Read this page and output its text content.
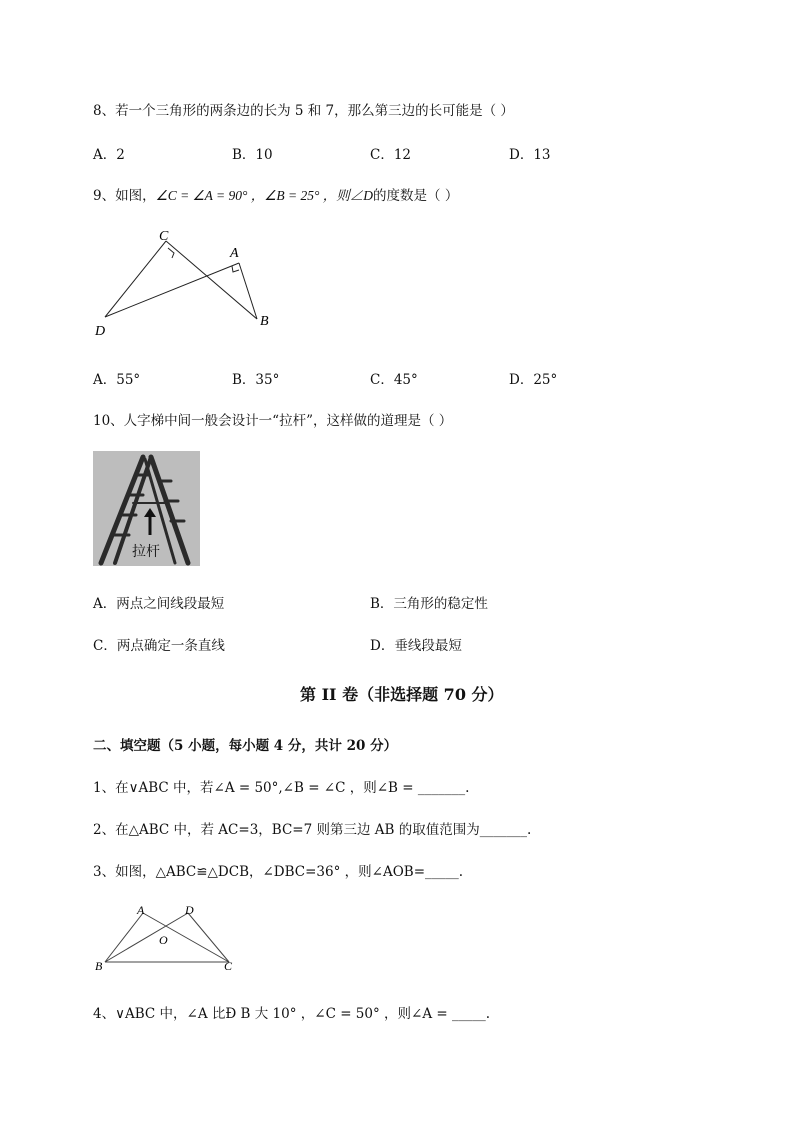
8、若一个三角形的两条边的长为 5 和 7，那么第三边的长可能是（ ）
A．2	B．10	C．12	D．13
9、如图，∠C = ∠A = 90° ，∠B = 25° ，则∠D的度数是（ ）
C
A
D
B
A．55°	B．35°	C．45°	D．25°
10、人字梯中间一般会设计一“拉杆”，这样做的道理是（ ）
拉杆
A．两点之间线段最短	B．三角形的稳定性
C．两点确定一条直线	D．垂线段最短
第 II 卷（非选择题 70 分）
二、填空题（5 小题，每小题 4 分，共计 20 分）
1、在∨ABC 中，若∠A = 50°,∠B = ∠C ，则∠B = _______.
2、在△ABC 中，若 AC=3，BC=7 则第三边 AB 的取值范围为_______.
3、如图，△ABC≌△DCB，∠DBC=36° ，则∠AOB=_____.
A	D
O
B	C
4、∨ABC 中，∠A 比Ð B 大 10° ，∠C = 50° ，则∠A = _____.
